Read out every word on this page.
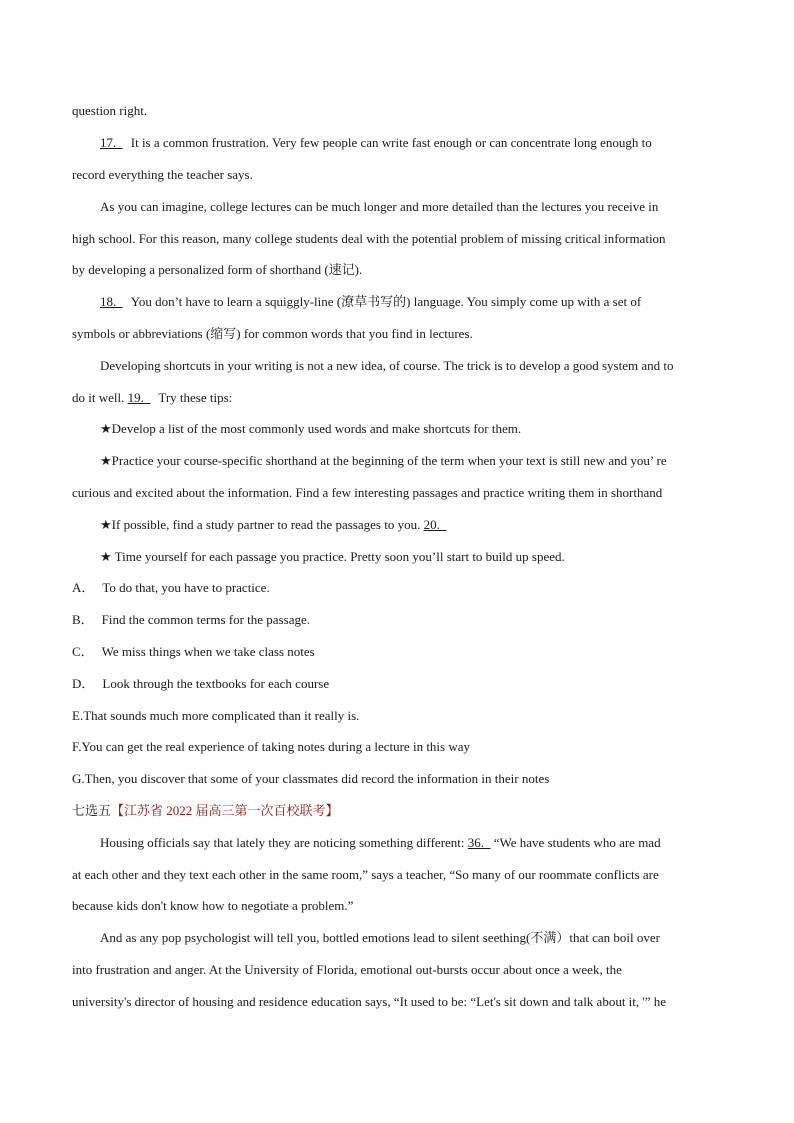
question right.
17.  It is a common frustration. Very few people can write fast enough or can concentrate long enough to
record everything the teacher says.
As you can imagine, college lectures can be much longer and more detailed than the lectures you receive in
high school. For this reason, many college students deal with the potential problem of missing critical information
by developing a personalized form of shorthand (速记).
18.  You don’t have to learn a squiggly-line (潦草书写的) language. You simply come up with a set of
symbols or abbreviations (缩写) for common words that you find in lectures.
Developing shortcuts in your writing is not a new idea, of course. The trick is to develop a good system and to
do it well. 19.  Try these tips:
★Develop a list of the most commonly used words and make shortcuts for them.
★Practice your course-specific shorthand at the beginning of the term when your text is still new and you’ re
curious and excited about the information. Find a few interesting passages and practice writing them in shorthand
★If possible, find a study partner to read the passages to you. 20.
★ Time yourself for each passage you practice. Pretty soon you’ll start to build up speed.
A． To do that, you have to practice.
B． Find the common terms for the passage.
C． We miss things when we take class notes
D． Look through the textbooks for each course
E.That sounds much more complicated than it really is.
F.You can get the real experience of taking notes during a lecture in this way
G.Then, you discover that some of your classmates did record the information in their notes
七选五【江苏省 2022 届高三第一次百校联考】
Housing officials say that lately they are noticing something different: 36.   “We have students who are mad
at each other and they text each other in the same room,” says a teacher, “So many of our roommate conflicts are
because kids don't know how to negotiate a problem.”
And as any pop psychologist will tell you, bottled emotions lead to silent seething(不满）that can boil over
into frustration and anger. At the University of Florida, emotional out-bursts occur about once a week, the
university's director of housing and residence education says, “It used to be: “Let's sit down and talk about it, '” he
